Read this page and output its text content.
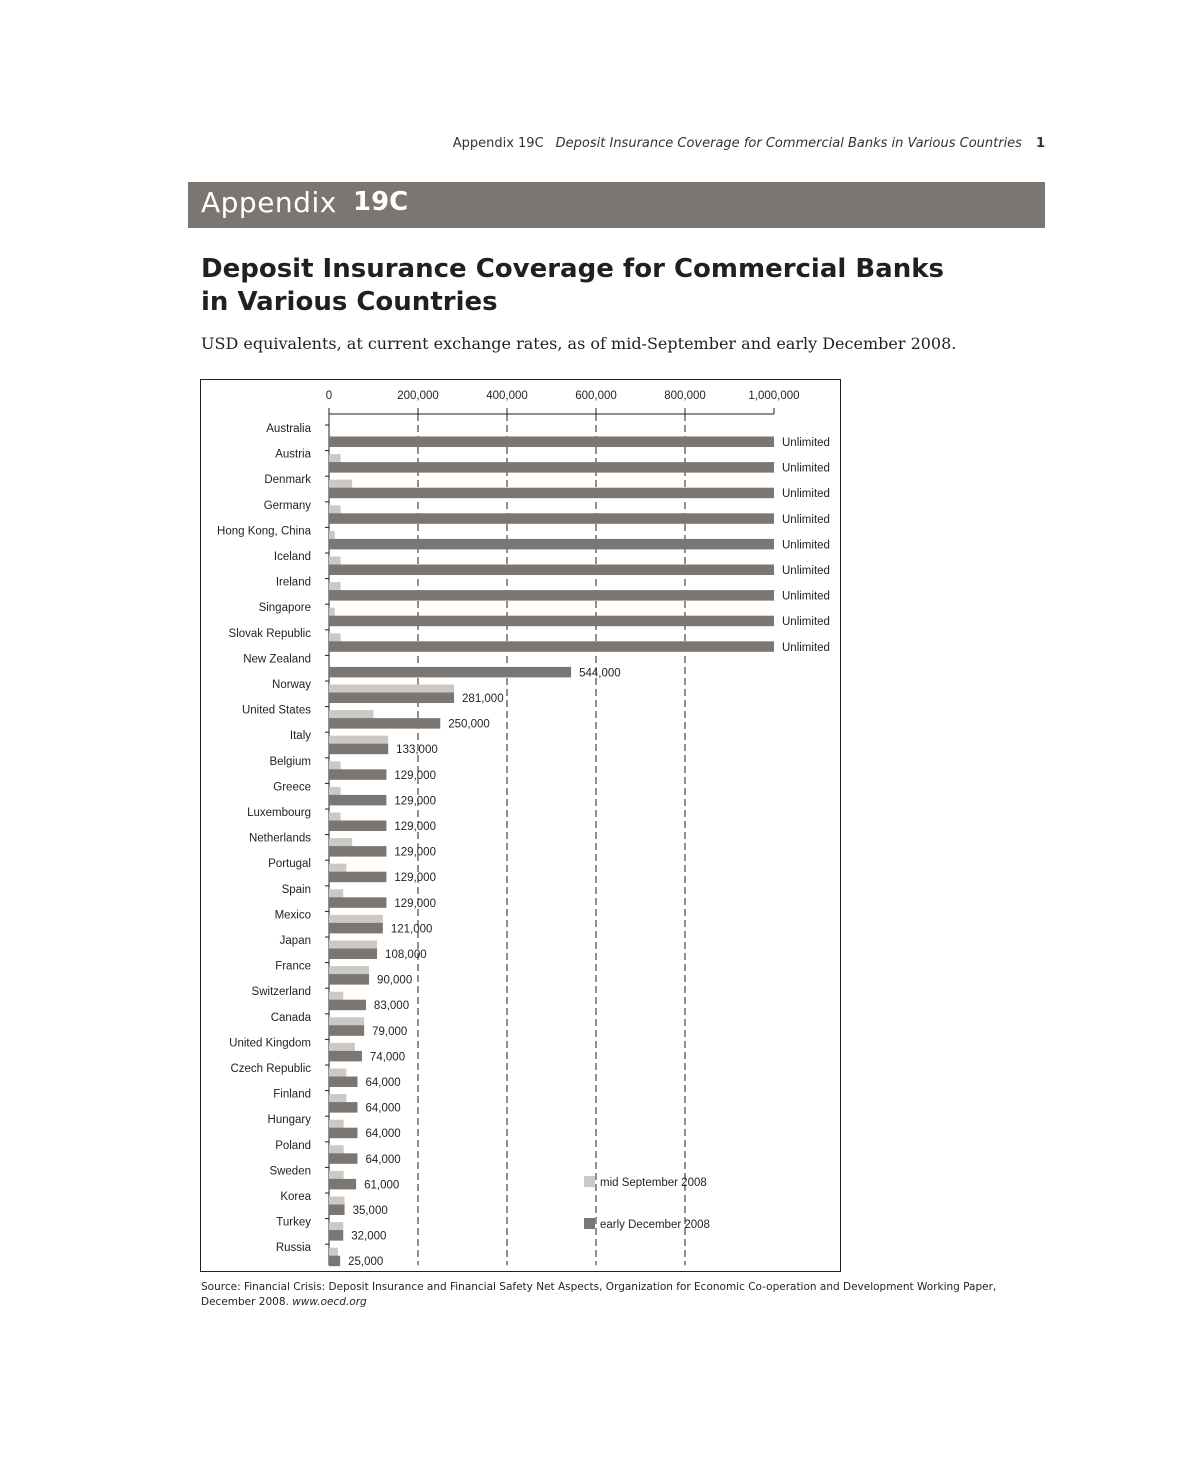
Appendix 19C Deposit Insurance Coverage for Commercial Banks in Various Countries 1
Appendix 19C
Deposit Insurance Coverage for Commercial Banks
in Various Countries
USD equivalents, at current exchange rates, as of mid-September and early December 2008.
0	200,000	400,000	600,000	800,000	1,000,000
Australia
Unlimited
Austria
Unlimited
Denmark
Unlimited
Germany
Unlimited
Hong Kong, China
Unlimited
Iceland
Unlimited
Ireland
Unlimited
Singapore
Unlimited
Slovak Republic
Unlimited
New Zealand
544,000
Norway
281,000
United States
250,000
Italy
133,000
Belgium
129,000
Greece
129,000
Luxembourg
129,000
Netherlands
129,000
Portugal
129,000
Spain
129,000
Mexico
121,000
Japan
108,000
France
90,000
Switzerland
83,000
Canada
79,000
United Kingdom
74,000
Czech Republic
64,000
Finland
64,000
Hungary
64,000
Poland
64,000
Sweden
61,000
Korea
35,000
Turkey
32,000
Russia
25,000
mid September 2008
early December 2008
Source: Financial Crisis: Deposit Insurance and Financial Safety Net Aspects, Organization for Economic Co-operation and Development Working Paper, December 2008. www.oecd.org
